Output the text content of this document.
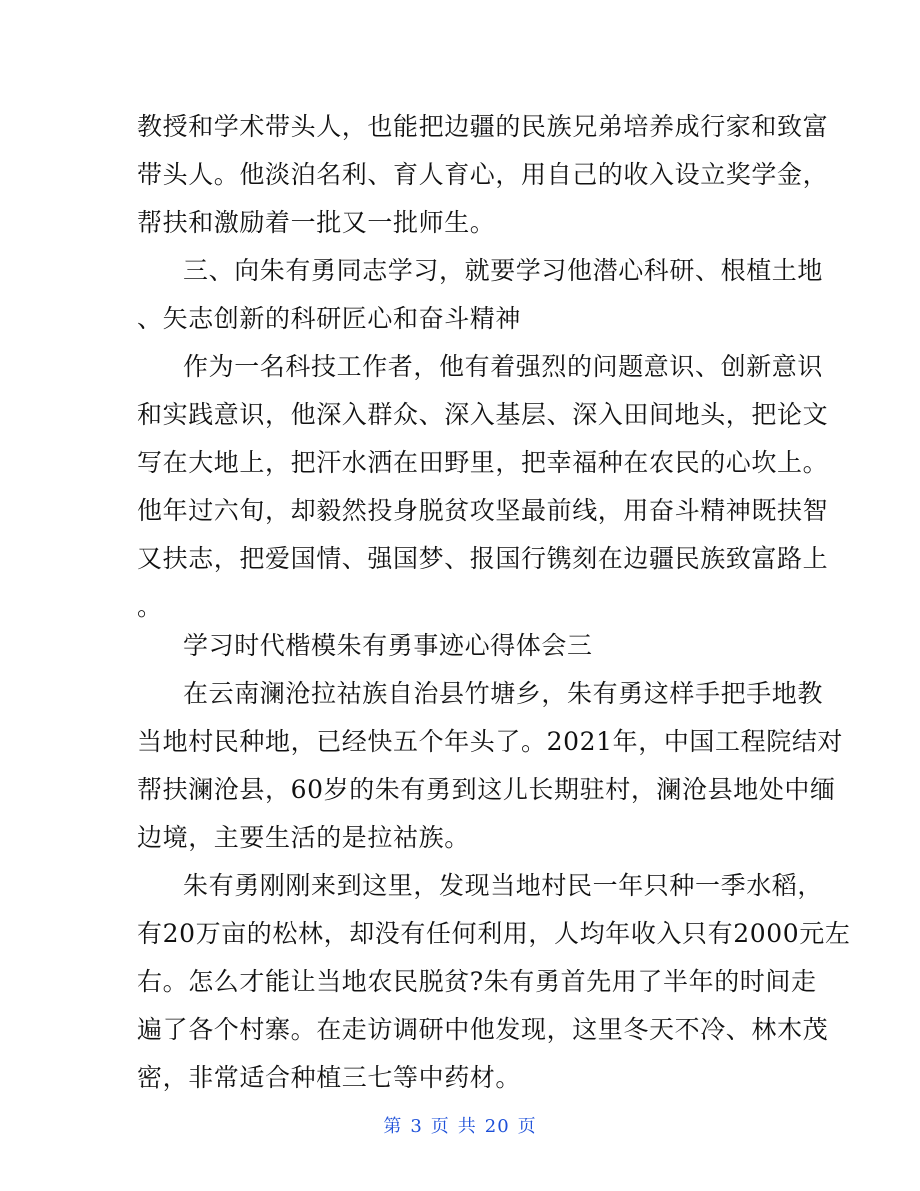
教授和学术带头人，也能把边疆的民族兄弟培养成行家和致富
带头人。他淡泊名利、育人育心，用自己的收入设立奖学金，
帮扶和激励着一批又一批师生。
三、向朱有勇同志学习，就要学习他潜心科研、根植土地
、矢志创新的科研匠心和奋斗精神
作为一名科技工作者，他有着强烈的问题意识、创新意识
和实践意识，他深入群众、深入基层、深入田间地头，把论文
写在大地上，把汗水洒在田野里，把幸福种在农民的心坎上。
他年过六旬，却毅然投身脱贫攻坚最前线，用奋斗精神既扶智
又扶志，把爱国情、强国梦、报国行镌刻在边疆民族致富路上
。
学习时代楷模朱有勇事迹心得体会三
在云南澜沧拉祜族自治县竹塘乡，朱有勇这样手把手地教
当地村民种地，已经快五个年头了。2021年，中国工程院结对
帮扶澜沧县，60岁的朱有勇到这儿长期驻村，澜沧县地处中缅
边境，主要生活的是拉祜族。
朱有勇刚刚来到这里，发现当地村民一年只种一季水稻，
有20万亩的松林，却没有任何利用，人均年收入只有2000元左
右。怎么才能让当地农民脱贫?朱有勇首先用了半年的时间走
遍了各个村寨。在走访调研中他发现，这里冬天不冷、林木茂
密，非常适合种植三七等中药材。
第 3 页 共 20 页
